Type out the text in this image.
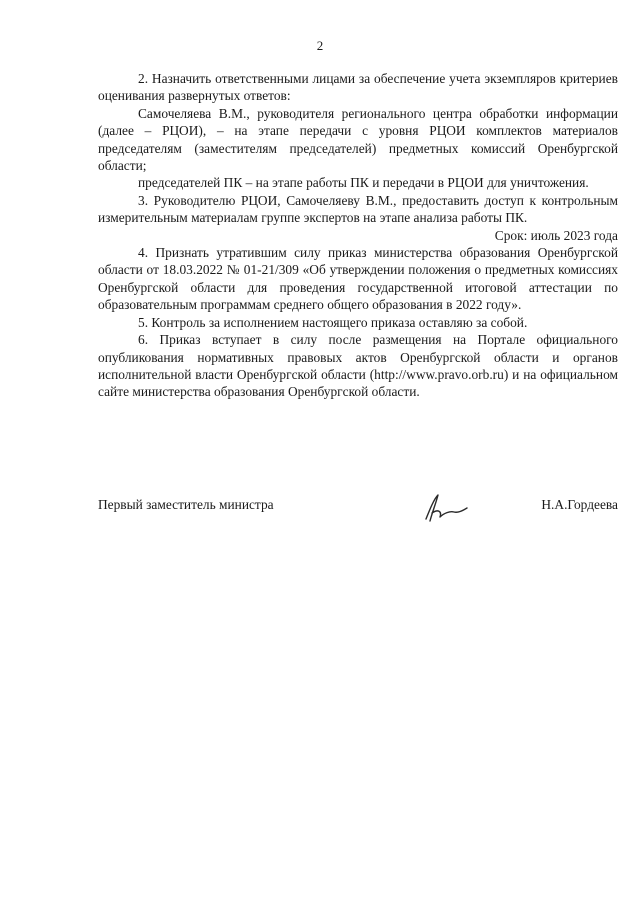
2

2. Назначить ответственными лицами за обеспечение учета экземпляров критериев оценивания развернутых ответов:

Самочеляева В.М., руководителя регионального центра обработки информации (далее – РЦОИ), – на этапе передачи с уровня РЦОИ комплектов материалов председателям (заместителям председателей) предметных комиссий Оренбургской области;

председателей ПК – на этапе работы ПК и передачи в РЦОИ для уничтожения.

3. Руководителю РЦОИ, Самочеляеву В.М., предоставить доступ к контрольным измерительным материалам группе экспертов на этапе анализа работы ПК.

Срок: июль 2023 года

4. Признать утратившим силу приказ министерства образования Оренбургской области от 18.03.2022 № 01-21/309 «Об утверждении положения о предметных комиссиях Оренбургской области для проведения государственной итоговой аттестации по образовательным программам среднего общего образования в 2022 году».

5. Контроль за исполнением настоящего приказа оставляю за собой.

6. Приказ вступает в силу после размещения на Портале официального опубликования нормативных правовых актов Оренбургской области и органов исполнительной власти Оренбургской области (http://www.pravo.orb.ru) и на официальном сайте министерства образования Оренбургской области.

Первый заместитель министра	Н.А.Гордеева
